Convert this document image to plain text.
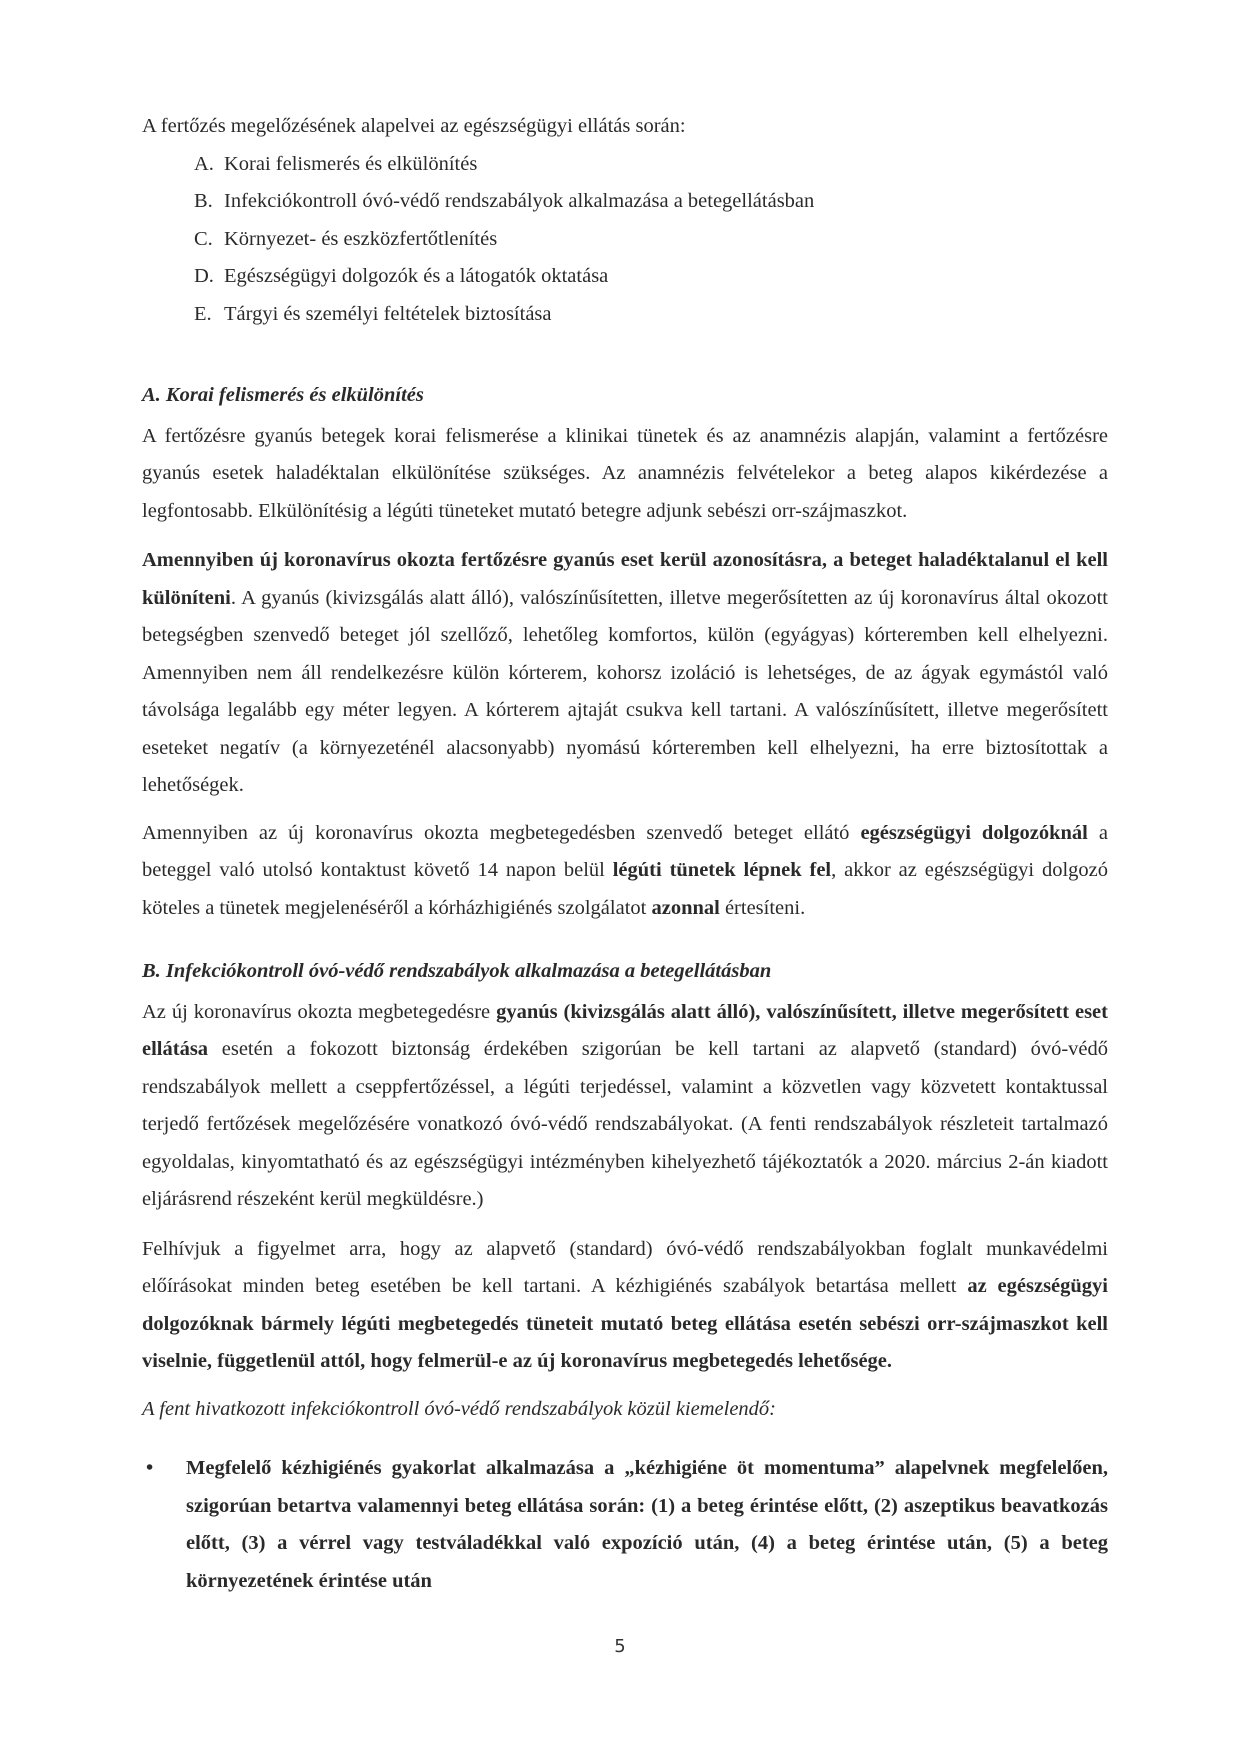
A fertőzés megelőzésének alapelvei az egészségügyi ellátás során:

A. Korai felismerés és elkülönítés
B. Infekciókontroll óvó-védő rendszabályok alkalmazása a betegellátásban
C. Környezet- és eszközfertőtlenítés
D. Egészségügyi dolgozók és a látogatók oktatása
E. Tárgyi és személyi feltételek biztosítása
A. Korai felismerés és elkülönítés

A fertőzésre gyanús betegek korai felismerése a klinikai tünetek és az anamnézis alapján, valamint a fertőzésre gyanús esetek haladéktalan elkülönítése szükséges. Az anamnézis felvételekor a beteg alapos kikérdezése a legfontosabb. Elkülönítésig a légúti tüneteket mutató betegre adjunk sebészi orr-szájmaszkot.

Amennyiben új koronavírus okozta fertőzésre gyanús eset kerül azonosításra, a beteget haladéktalanul el kell különíteni. A gyanús (kivizsgálás alatt álló), valószínűsítetten, illetve megerősítetten az új koronavírus által okozott betegségben szenvedő beteget jól szellőző, lehetőleg komfortos, külön (egyágyas) kórteremben kell elhelyezni. Amennyiben nem áll rendelkezésre külön kórterem, kohorsz izoláció is lehetséges, de az ágyak egymástól való távolsága legalább egy méter legyen. A kórterem ajtaját csukva kell tartani. A valószínűsített, illetve megerősített eseteket negatív (a környezeténél alacsonyabb) nyomású kórteremben kell elhelyezni, ha erre biztosítottak a lehetőségek.

Amennyiben az új koronavírus okozta megbetegedésben szenvedő beteget ellátó egészségügyi dolgozóknál a beteggel való utolsó kontaktust követő 14 napon belül légúti tünetek lépnek fel, akkor az egészségügyi dolgozó köteles a tünetek megjelenéséről a kórházhigiénés szolgálatot azonnal értesíteni.

B. Infekciókontroll óvó-védő rendszabályok alkalmazása a betegellátásban

Az új koronavírus okozta megbetegedésre gyanús (kivizsgálás alatt álló), valószínűsített, illetve megerősített eset ellátása esetén a fokozott biztonság érdekében szigorúan be kell tartani az alapvető (standard) óvó-védő rendszabályok mellett a cseppfertőzéssel, a légúti terjedéssel, valamint a közvetlen vagy közvetett kontaktussal terjedő fertőzések megelőzésére vonatkozó óvó-védő rendszabályokat. (A fenti rendszabályok részleteit tartalmazó egyoldalas, kinyomtatható és az egészségügyi intézményben kihelyezhető tájékoztatók a 2020. március 2-án kiadott eljárásrend részeként kerül megküldésre.)

Felhívjuk a figyelmet arra, hogy az alapvető (standard) óvó-védő rendszabályokban foglalt munkavédelmi előírásokat minden beteg esetében be kell tartani. A kézhigiénés szabályok betartása mellett az egészségügyi dolgozóknak bármely légúti megbetegedés tüneteit mutató beteg ellátása esetén sebészi orr-szájmaszkot kell viselnie, függetlenül attól, hogy felmerül-e az új koronavírus megbetegedés lehetősége.

A fent hivatkozott infekciókontroll óvó-védő rendszabályok közül kiemelendő:

• Megfelelő kézhigiénés gyakorlat alkalmazása a „kézhigiéne öt momentuma” alapelvnek megfelelően, szigorúan betartva valamennyi beteg ellátása során: (1) a beteg érintése előtt, (2) aszeptikus beavatkozás előtt, (3) a vérrel vagy testváladékkal való expozíció után, (4) a beteg érintése után, (5) a beteg környezetének érintése után
5
